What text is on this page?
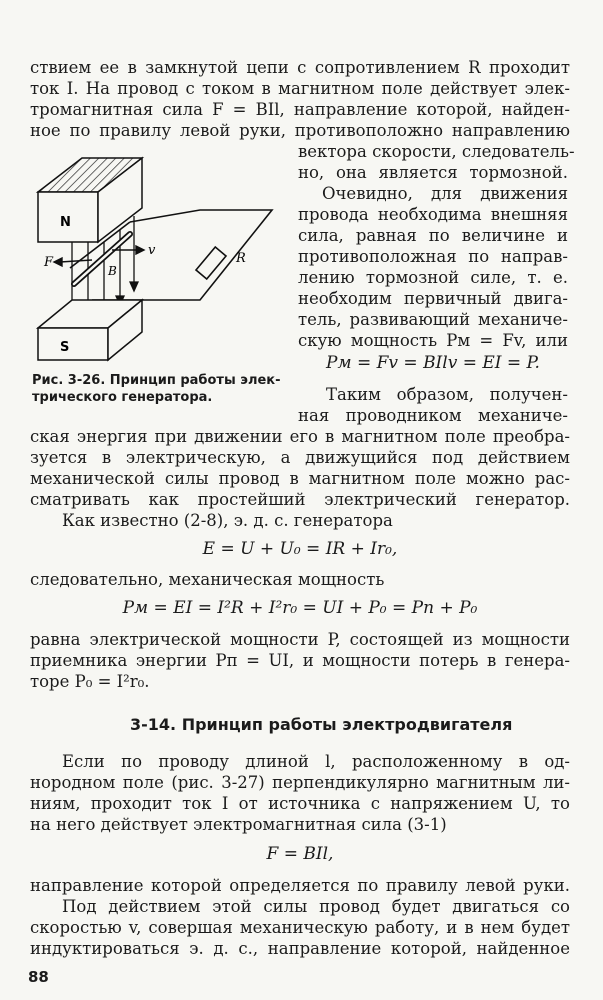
ствием ее в замкнутой цепи с сопротивлением R проходит
ток I. На провод с током в магнитном поле действует элек-
тромагнитная сила F = BIl, направление которой, найден-
ное по правилу левой руки, противоположно направлению
вектора скорости, следователь-
но, она является тормозной.
Очевидно, для движения
провода необходима внешняя
сила, равная по величине и
противоположная по направ-
лению тормозной силе, т. е.
необходим первичный двига-
тель, развивающий механиче-
скую мощность Pм = Fv, или
Pм = Fv = BIlv = EI = P.
Таким образом, получен-
ная проводником механиче-
ская энергия при движении его в магнитном поле преобра-
зуется в электрическую, а движущийся под действием
механической силы провод в магнитном поле можно рас-
сматривать как простейший электрический генератор.
Как известно (2-8), э. д. с. генератора
E = U + U₀ = IR + Ir₀,
следовательно, механическая мощность
Pм = EI = I²R + I²r₀ = UI + P₀ = Pп + P₀
равна электрической мощности P, состоящей из мощности
приемника энергии Pп = UI, и мощности потерь в генера-
торе P₀ = I²r₀.
3-14. Принцип работы электродвигателя
Если по проводу длиной l, расположенному в од-
нородном поле (рис. 3-27) перпендикулярно магнитным ли-
ниям, проходит ток I от источника с напряжением U, то
на него действует электромагнитная сила (3-1)
F = BIl,
направление которой определяется по правилу левой руки.
Под действием этой силы провод будет двигаться со
скоростью v, совершая механическую работу, и в нем будет
индуктироваться э. д. с., направление которой, найденное
N
S
F
v
B
R
Рис. 3-26. Принцип работы элек-
трического генератора.
88
